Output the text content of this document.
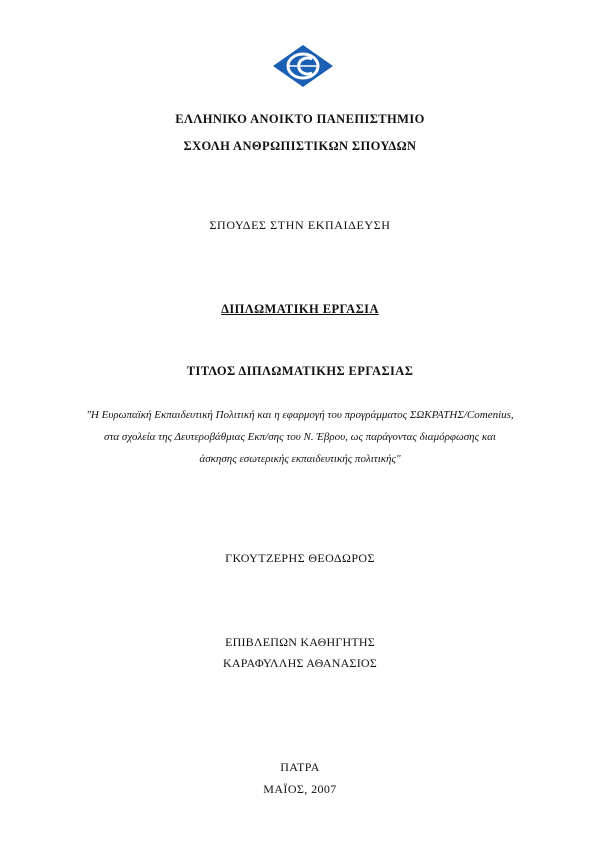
ΕΛΛΗΝΙΚΟ ΑΝΟΙΚΤΟ ΠΑΝΕΠΙΣΤΗΜΙΟ
ΣΧΟΛΗ ΑΝΘΡΩΠΙΣΤΙΚΩΝ ΣΠΟΥΔΩΝ
ΣΠΟΥΔΕΣ ΣΤΗΝ ΕΚΠΑΙΔΕΥΣΗ
ΔΙΠΛΩΜΑΤΙΚΗ ΕΡΓΑΣΙΑ
ΤΙΤΛΟΣ ΔΙΠΛΩΜΑΤΙΚΗΣ ΕΡΓΑΣΙΑΣ
"Η Ευρωπαϊκή Εκπαιδευτική Πολιτική και η εφαρμογή του προγράμματος ΣΩΚΡΑΤΗΣ/Comenius,
στα σχολεία της Δευτεροβάθμιας Εκπ/σης του Ν. Έβρου, ως παράγοντας διαμόρφωσης και
άσκησης εσωτερικής εκπαιδευτικής πολιτικής"
ΓΚΟΥΤΖΕΡΗΣ ΘΕΟΔΩΡΟΣ
ΕΠΙΒΛΕΠΩΝ ΚΑΘΗΓΗΤΗΣ
ΚΑΡΑΦΥΛΛΗΣ ΑΘΑΝΑΣΙΟΣ
ΠΑΤΡΑ
ΜΑΪΟΣ, 2007
